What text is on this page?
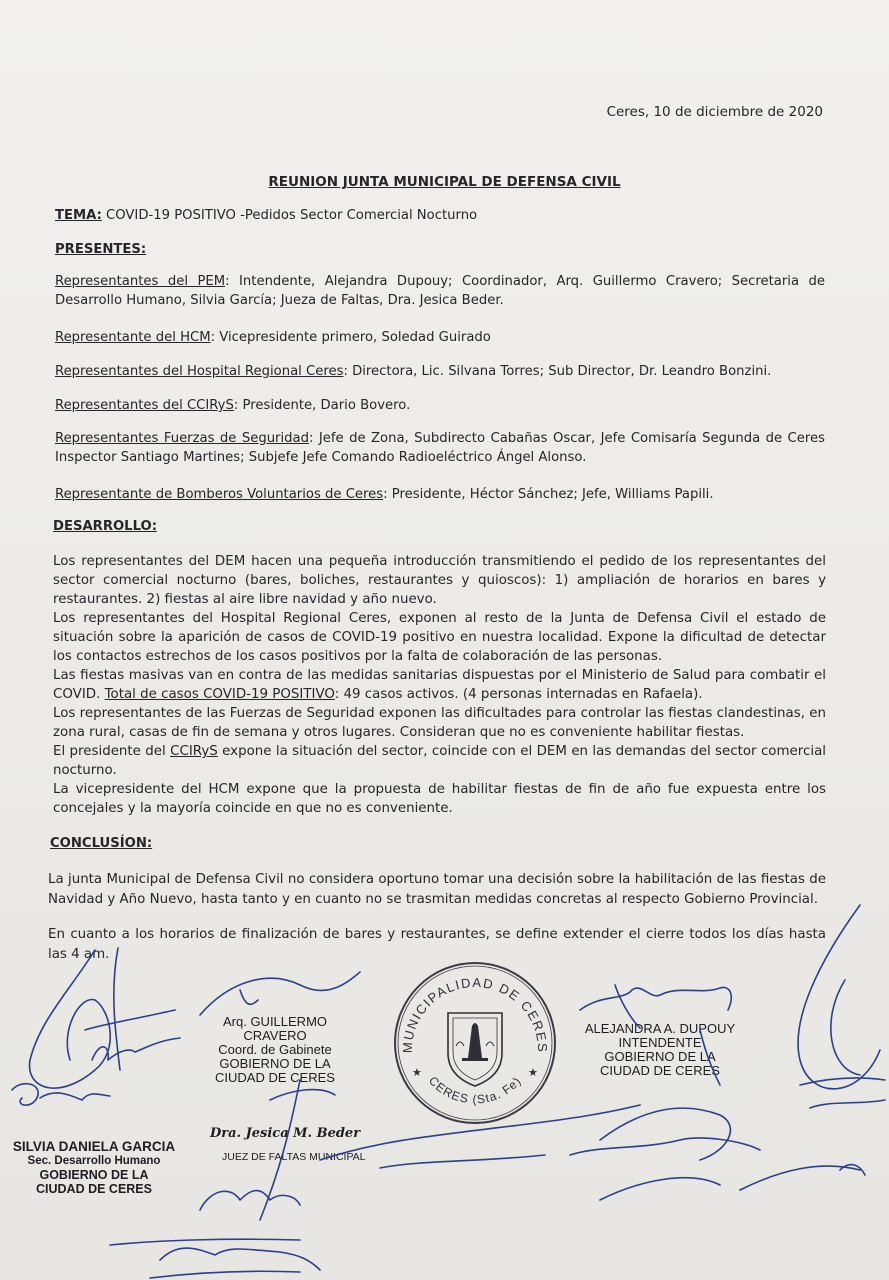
Ceres, 10 de diciembre de 2020
REUNION JUNTA MUNICIPAL DE DEFENSA CIVIL
TEMA: COVID-19 POSITIVO -Pedidos Sector Comercial Nocturno
PRESENTES:
Representantes del PEM: Intendente, Alejandra Dupouy; Coordinador, Arq. Guillermo Cravero; Secretaria de Desarrollo Humano, Silvia García; Jueza de Faltas, Dra. Jesica Beder.
Representante del HCM: Vicepresidente primero, Soledad Guirado
Representantes del Hospital Regional Ceres: Directora, Lic. Silvana Torres; Sub Director, Dr. Leandro Bonzini.
Representantes del CCIRyS: Presidente, Dario Bovero.
Representantes Fuerzas de Seguridad: Jefe de Zona, Subdirecto Cabañas Oscar, Jefe Comisaría Segunda de Ceres Inspector Santiago Martines; Subjefe Jefe Comando Radioeléctrico Ángel Alonso.
Representante de Bomberos Voluntarios de Ceres: Presidente, Héctor Sánchez; Jefe, Williams Papili.
DESARROLLO:
Los representantes del DEM hacen una pequeña introducción transmitiendo el pedido de los representantes del sector comercial nocturno (bares, boliches, restaurantes y quioscos): 1) ampliación de horarios en bares y restaurantes. 2) fiestas al aire libre navidad y año nuevo.
Los representantes del Hospital Regional Ceres, exponen al resto de la Junta de Defensa Civil el estado de situación sobre la aparición de casos de COVID-19 positivo en nuestra localidad. Expone la dificultad de detectar los contactos estrechos de los casos positivos por la falta de colaboración de las personas.
Las fiestas masivas van en contra de las medidas sanitarias dispuestas por el Ministerio de Salud para combatir el COVID. Total de casos COVID-19 POSITIVO: 49 casos activos. (4 personas internadas en Rafaela).
Los representantes de las Fuerzas de Seguridad exponen las dificultades para controlar las fiestas clandestinas, en zona rural, casas de fin de semana y otros lugares. Consideran que no es conveniente habilitar fiestas.
El presidente del CCIRyS expone la situación del sector, coincide con el DEM en las demandas del sector comercial nocturno.
La vicepresidente del HCM expone que la propuesta de habilitar fiestas de fin de año fue expuesta entre los concejales y la mayoría coincide en que no es conveniente.
CONCLUSÍON:
La junta Municipal de Defensa Civil no considera oportuno tomar una decisión sobre la habilitación de las fiestas de Navidad y Año Nuevo, hasta tanto y en cuanto no se trasmitan medidas concretas al respecto Gobierno Provincial.
En cuanto a los horarios de finalización de bares y restaurantes, se define extender el cierre todos los días hasta las 4 am.
Arq. GUILLERMO CRAVERO
Coord. de Gabinete
GOBIERNO DE LA
CIUDAD DE CERES
ALEJANDRA A. DUPOUY
INTENDENTE
GOBIERNO DE LA
CIUDAD DE CERES
SILVIA DANIELA GARCIA
Sec. Desarrollo Humano
GOBIERNO DE LA
CIUDAD DE CERES
Dra. Jesica M. Beder
JUEZ DE FALTAS MUNICIPAL
MUNICIPALIDAD DE CERES
CERES (Sta. Fe)
★	★
